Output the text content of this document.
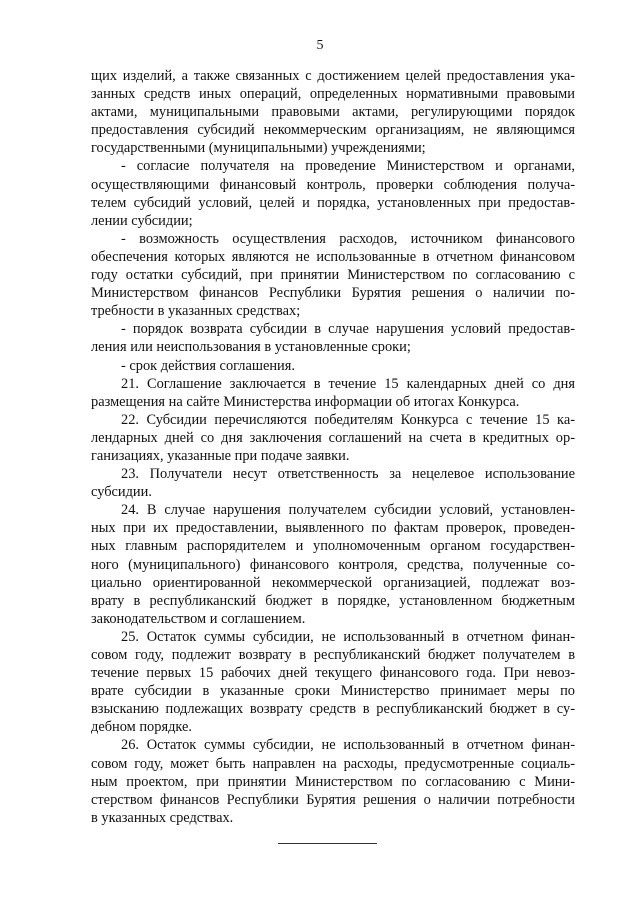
5
щих изделий, а также связанных с достижением целей предоставления ука-
занных средств иных операций, определенных нормативными правовыми
актами, муниципальными правовыми актами, регулирующими порядок
предоставления субсидий некоммерческим организациям, не являющимся
государственными (муниципальными) учреждениями;
- согласие получателя на проведение Министерством и органами,
осуществляющими финансовый контроль, проверки соблюдения получа-
телем субсидий условий, целей и порядка, установленных при предостав-
лении субсидии;
- возможность осуществления расходов, источником финансового
обеспечения которых являются не использованные в отчетном финансовом
году остатки субсидий, при принятии Министерством по согласованию с
Министерством финансов Республики Бурятия решения о наличии по-
требности в указанных средствах;
- порядок возврата субсидии в случае нарушения условий предостав-
ления или неиспользования в установленные сроки;
- срок действия соглашения.
21. Соглашение заключается в течение 15 календарных дней со дня
размещения на сайте Министерства информации об итогах Конкурса.
22. Субсидии перечисляются победителям Конкурса с течение 15 ка-
лендарных дней со дня заключения соглашений на счета в кредитных ор-
ганизациях, указанные при подаче заявки.
23. Получатели несут ответственность за нецелевое использование
субсидии.
24. В случае нарушения получателем субсидии условий, установлен-
ных при их предоставлении, выявленного по фактам проверок, проведен-
ных главным распорядителем и уполномоченным органом государствен-
ного (муниципального) финансового контроля, средства, полученные со-
циально ориентированной некоммерческой организацией, подлежат воз-
врату в республиканский бюджет в порядке, установленном бюджетным
законодательством и соглашением.
25. Остаток суммы субсидии, не использованный в отчетном финан-
совом году, подлежит возврату в республиканский бюджет получателем в
течение первых 15 рабочих дней текущего финансового года. При невоз-
врате субсидии в указанные сроки Министерство принимает меры по
взысканию подлежащих возврату средств в республиканский бюджет в су-
дебном порядке.
26. Остаток суммы субсидии, не использованный в отчетном финан-
совом году, может быть направлен на расходы, предусмотренные социаль-
ным проектом, при принятии Министерством по согласованию с Мини-
стерством финансов Республики Бурятия решения о наличии потребности
в указанных средствах.
